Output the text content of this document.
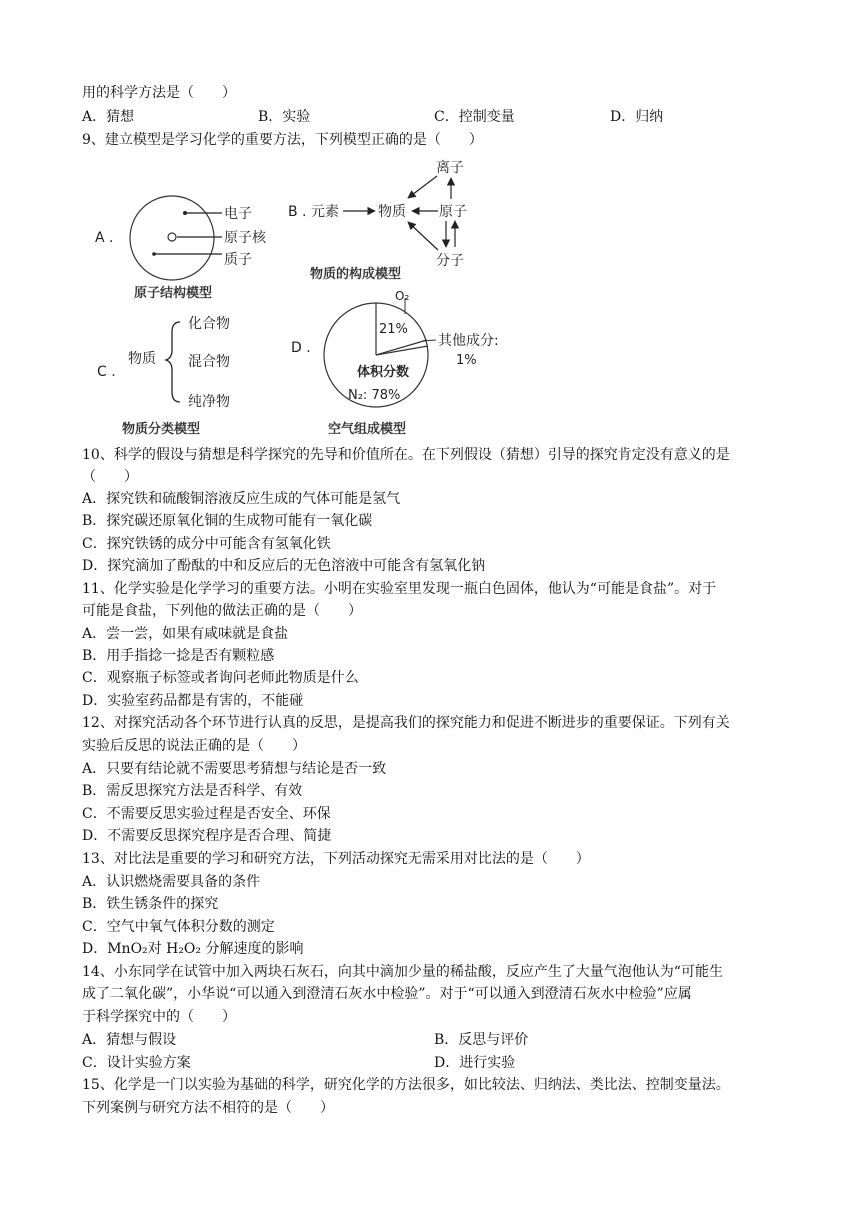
用的科学方法是（　　）
A．猜想	B．实验	C．控制变量	D．归纳
9、建立模型是学习化学的重要方法，下列模型正确的是（　　）
A .
电子
原子核
质子
原子结构模型
B . 元素	物质
离子
原子
分子
物质的构成模型
C .
物质
化合物
混合物
纯净物
物质分类模型
D .
O₂
21%
体积分数
N₂: 78%
其他成分:
1%
空气组成模型
10、科学的假设与猜想是科学探究的先导和价值所在。在下列假设（猜想）引导的探究肯定没有意义的是
（　　）
A．探究铁和硫酸铜溶液反应生成的气体可能是氢气
B．探究碳还原氧化铜的生成物可能有一氧化碳
C．探究铁锈的成分中可能含有氢氧化铁
D．探究滴加了酚酞的中和反应后的无色溶液中可能含有氢氧化钠
11、化学实验是化学学习的重要方法。小明在实验室里发现一瓶白色固体，他认为“可能是食盐”。对于
可能是食盐，下列他的做法正确的是（　　）
A．尝一尝，如果有咸味就是食盐
B．用手指捻一捻是否有颗粒感
C．观察瓶子标签或者询问老师此物质是什么
D．实验室药品都是有害的，不能碰
12、对探究活动各个环节进行认真的反思，是提高我们的探究能力和促进不断进步的重要保证。下列有关
实验后反思的说法正确的是（　　）
A．只要有结论就不需要思考猜想与结论是否一致
B．需反思探究方法是否科学、有效
C．不需要反思实验过程是否安全、环保
D．不需要反思探究程序是否合理、简捷
13、对比法是重要的学习和研究方法，下列活动探究无需采用对比法的是（　　）
A．认识燃烧需要具备的条件
B．铁生锈条件的探究
C．空气中氧气体积分数的测定
D．MnO₂对 H₂O₂ 分解速度的影响
14、小东同学在试管中加入两块石灰石，向其中滴加少量的稀盐酸，反应产生了大量气泡他认为“可能生
成了二氧化碳”，小华说“可以通入到澄清石灰水中检验”。对于“可以通入到澄清石灰水中检验”应属
于科学探究中的（　　）
A．猜想与假设	B．反思与评价
C．设计实验方案	D．进行实验
15、化学是一门以实验为基础的科学，研究化学的方法很多，如比较法、归纳法、类比法、控制变量法。
下列案例与研究方法不相符的是（　　）
